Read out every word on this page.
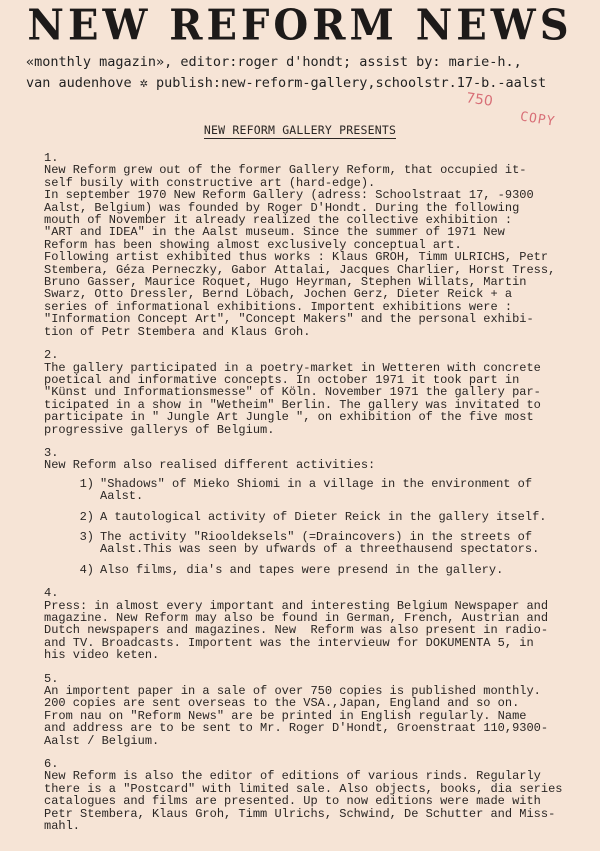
NEW REFORM NEWS
«monthly magazin», editor:roger d'hondt; assist by: marie-h.,
van audenhove ✲ publish:new-reform-gallery,schoolstr.17-b.-aalst
750
COPY
NEW REFORM GALLERY PRESENTS
1.
New Reform grew out of the former Gallery Reform, that occupied it-
self busily with constructive art (hard-edge).
In september 1970 New Reform Gallery (adress: Schoolstraat 17, -9300
Aalst, Belgium) was founded by Roger D'Hondt. During the following
mouth of November it already realized the collective exhibition :
"ART and IDEA" in the Aalst museum. Since the summer of 1971 New
Reform has been showing almost exclusively conceptual art.
Following artist exhibited thus works : Klaus GROH, Timm ULRICHS, Petr
Stembera, Géza Perneczky, Gabor Attalai, Jacques Charlier, Horst Tress,
Bruno Gasser, Maurice Roquet, Hugo Heyrman, Stephen Willats, Martin
Swarz, Otto Dressler, Bernd Löbach, Jochen Gerz, Dieter Reick + a
series of informational exhibitions. Importent exhibitions were :
"Information Concept Art", "Concept Makers" and the personal exhibi-
tion of Petr Stembera and Klaus Groh.
2.
The gallery participated in a poetry-market in Wetteren with concrete
poetical and informative concepts. In october 1971 it took part in
"Künst und Informationsmesse" of Köln. November 1971 the gallery par-
ticipated in a show in "Wetheim" Berlin. The gallery was invitated to
participate in " Jungle Art Jungle ", on exhibition of the five most
progressive gallerys of Belgium.
3.
New Reform also realised different activities:
1) "Shadows" of Mieko Shiomi in a village in the environment of
Aalst.
2) A tautological activity of Dieter Reick in the gallery itself.
3) The activity "Riooldeksels" (=Draincovers) in the streets of
Aalst.This was seen by ufwards of a threethausend spectators.
4) Also films, dia's and tapes were presend in the gallery.
4.
Press: in almost every important and interesting Belgium Newspaper and
magazine. New Reform may also be found in German, French, Austrian and
Dutch newspapers and magazines. New  Reform was also present in radio-
and TV. Broadcasts. Importent was the intervieuw for DOKUMENTA 5, in
his video keten.
5.
An importent paper in a sale of over 750 copies is published monthly.
200 copies are sent overseas to the VSA.,Japan, England and so on.
From nau on "Reform News" are be printed in English regularly. Name
and address are to be sent to Mr. Roger D'Hondt, Groenstraat 110,9300-
Aalst / Belgium.
6.
New Reform is also the editor of editions of various rinds. Regularly
there is a "Postcard" with limited sale. Also objects, books, dia series
catalogues and films are presented. Up to now editions were made with
Petr Stembera, Klaus Groh, Timm Ulrichs, Schwind, De Schutter and Miss-
mahl.
